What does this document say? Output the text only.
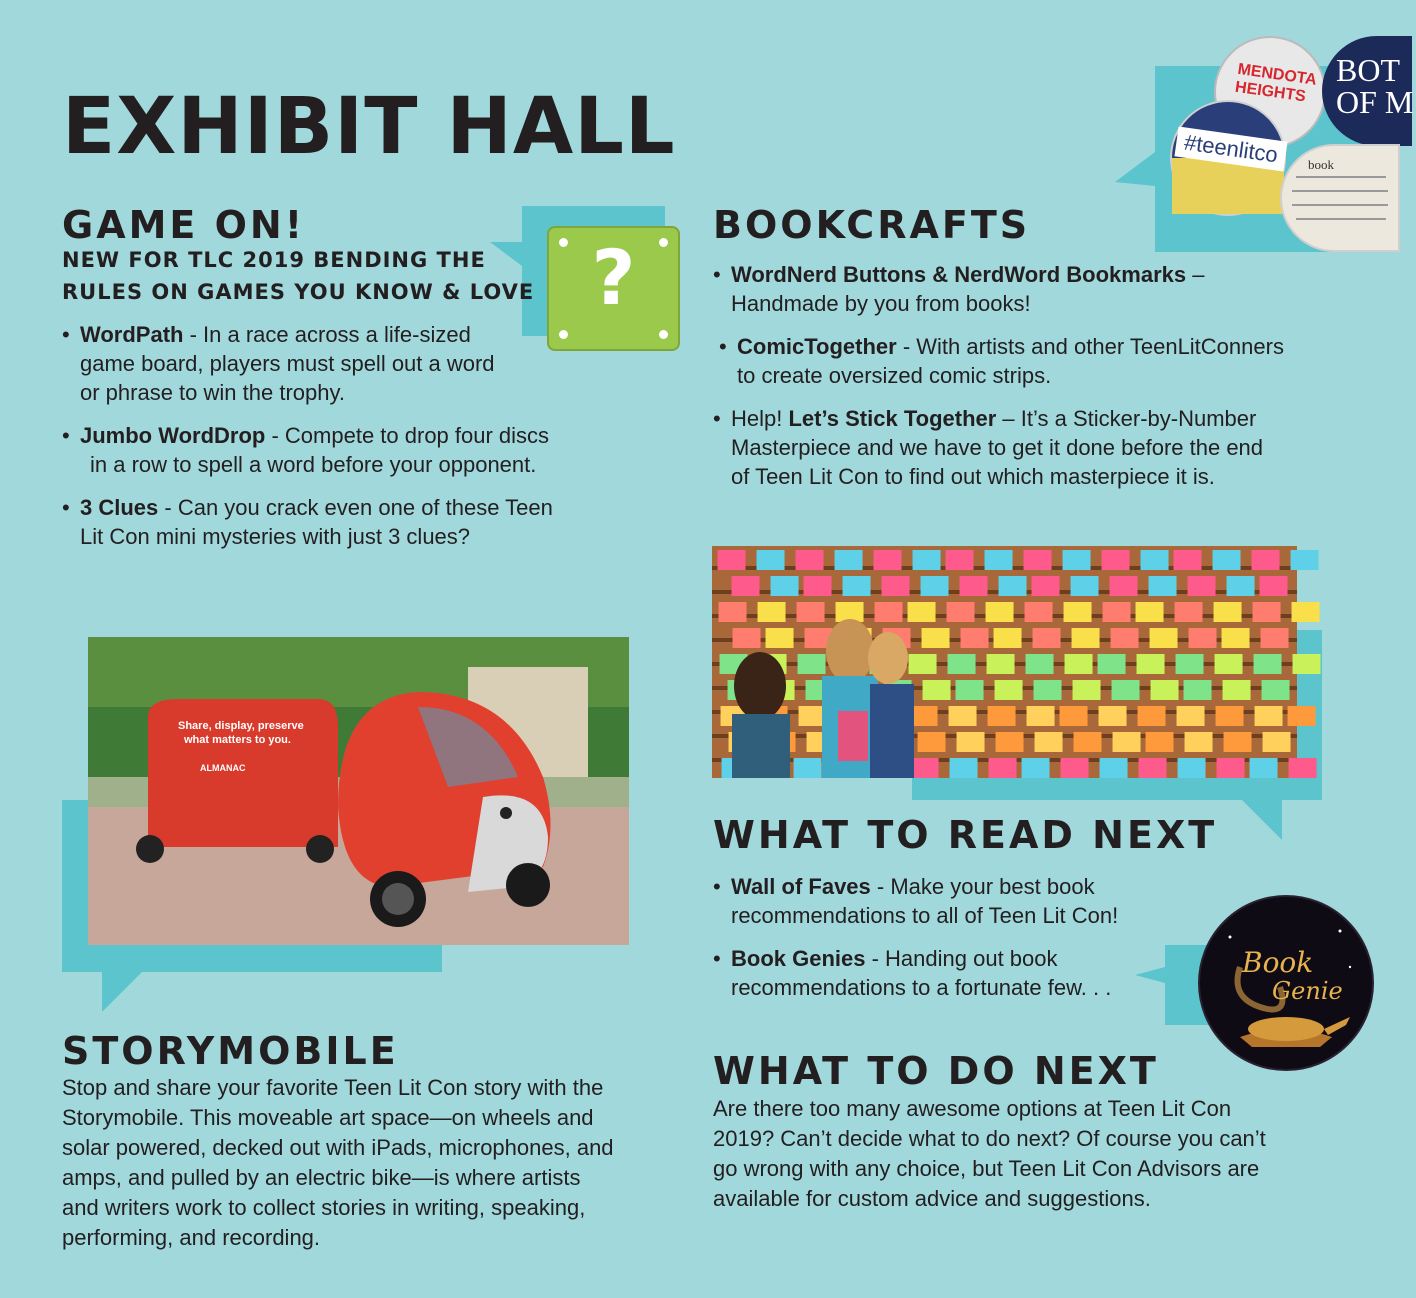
EXHIBIT HALL
?
GAME ON!

NEW FOR TLC 2019 BENDING THE

RULES ON GAMES YOU KNOW & LOVE

• WordPath - In a race across a life-sized
game board, players must spell out a word
or phrase to win the trophy.
• Jumbo WordDrop - Compete to drop four discs
in a row to spell a word before your opponent.
• 3 Clues - Can you crack even one of these Teen
Lit Con mini mysteries with just 3 clues?
MENDOTA HEIGHTS
BOT OF M
#teenlitco	book
BOOKCRAFTS
• WordNerd Buttons & NerdWord Bookmarks –
Handmade by you from books!
• ComicTogether - With artists and other TeenLitConners
to create oversized comic strips.
• Help! Let’s Stick Together – It’s a Sticker-by-Number
Masterpiece and we have to get it done before the end
of Teen Lit Con to find out which masterpiece it is.
Share, display, preserve
what matters to you.
ALMANAC
STORYMOBILE

Stop and share your favorite Teen Lit Con story with the

Storymobile. This moveable art space—on wheels and

solar powered, decked out with iPads, microphones, and

amps, and pulled by an electric bike—is where artists

and writers work to collect stories in writing, speaking,

performing, and recording.

WHAT TO READ NEXT
• Wall of Faves - Make your best book
recommendations to all of Teen Lit Con!
• Book Genies - Handing out book
recommendations to a fortunate few. . .
Book
Genie
WHAT TO DO NEXT

Are there too many awesome options at Teen Lit Con

2019? Can’t decide what to do next? Of course you can’t

go wrong with any choice, but Teen Lit Con Advisors are

available for custom advice and suggestions.
